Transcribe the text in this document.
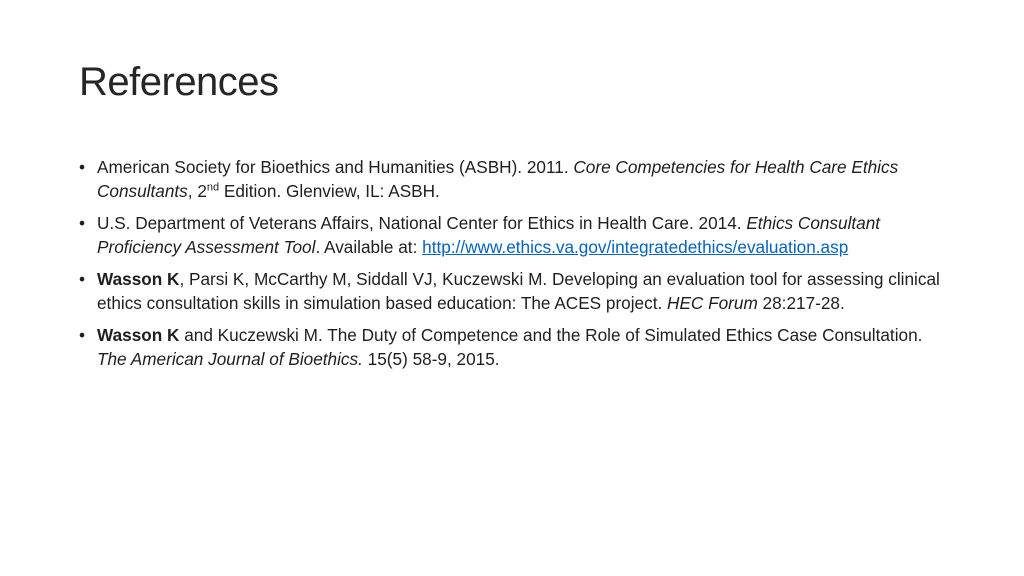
References
• American Society for Bioethics and Humanities (ASBH). 2011. Core Competencies for Health Care Ethics Consultants, 2nd Edition. Glenview, IL: ASBH.
• U.S. Department of Veterans Affairs, National Center for Ethics in Health Care. 2014. Ethics Consultant Proficiency Assessment Tool. Available at: http://www.ethics.va.gov/integratedethics/evaluation.asp
• Wasson K, Parsi K, McCarthy M, Siddall VJ, Kuczewski M. Developing an evaluation tool for assessing clinical ethics consultation skills in simulation based education: The ACES project. HEC Forum 28:217-28.
• Wasson K and Kuczewski M. The Duty of Competence and the Role of Simulated Ethics Case Consultation. The American Journal of Bioethics. 15(5) 58-9, 2015.
